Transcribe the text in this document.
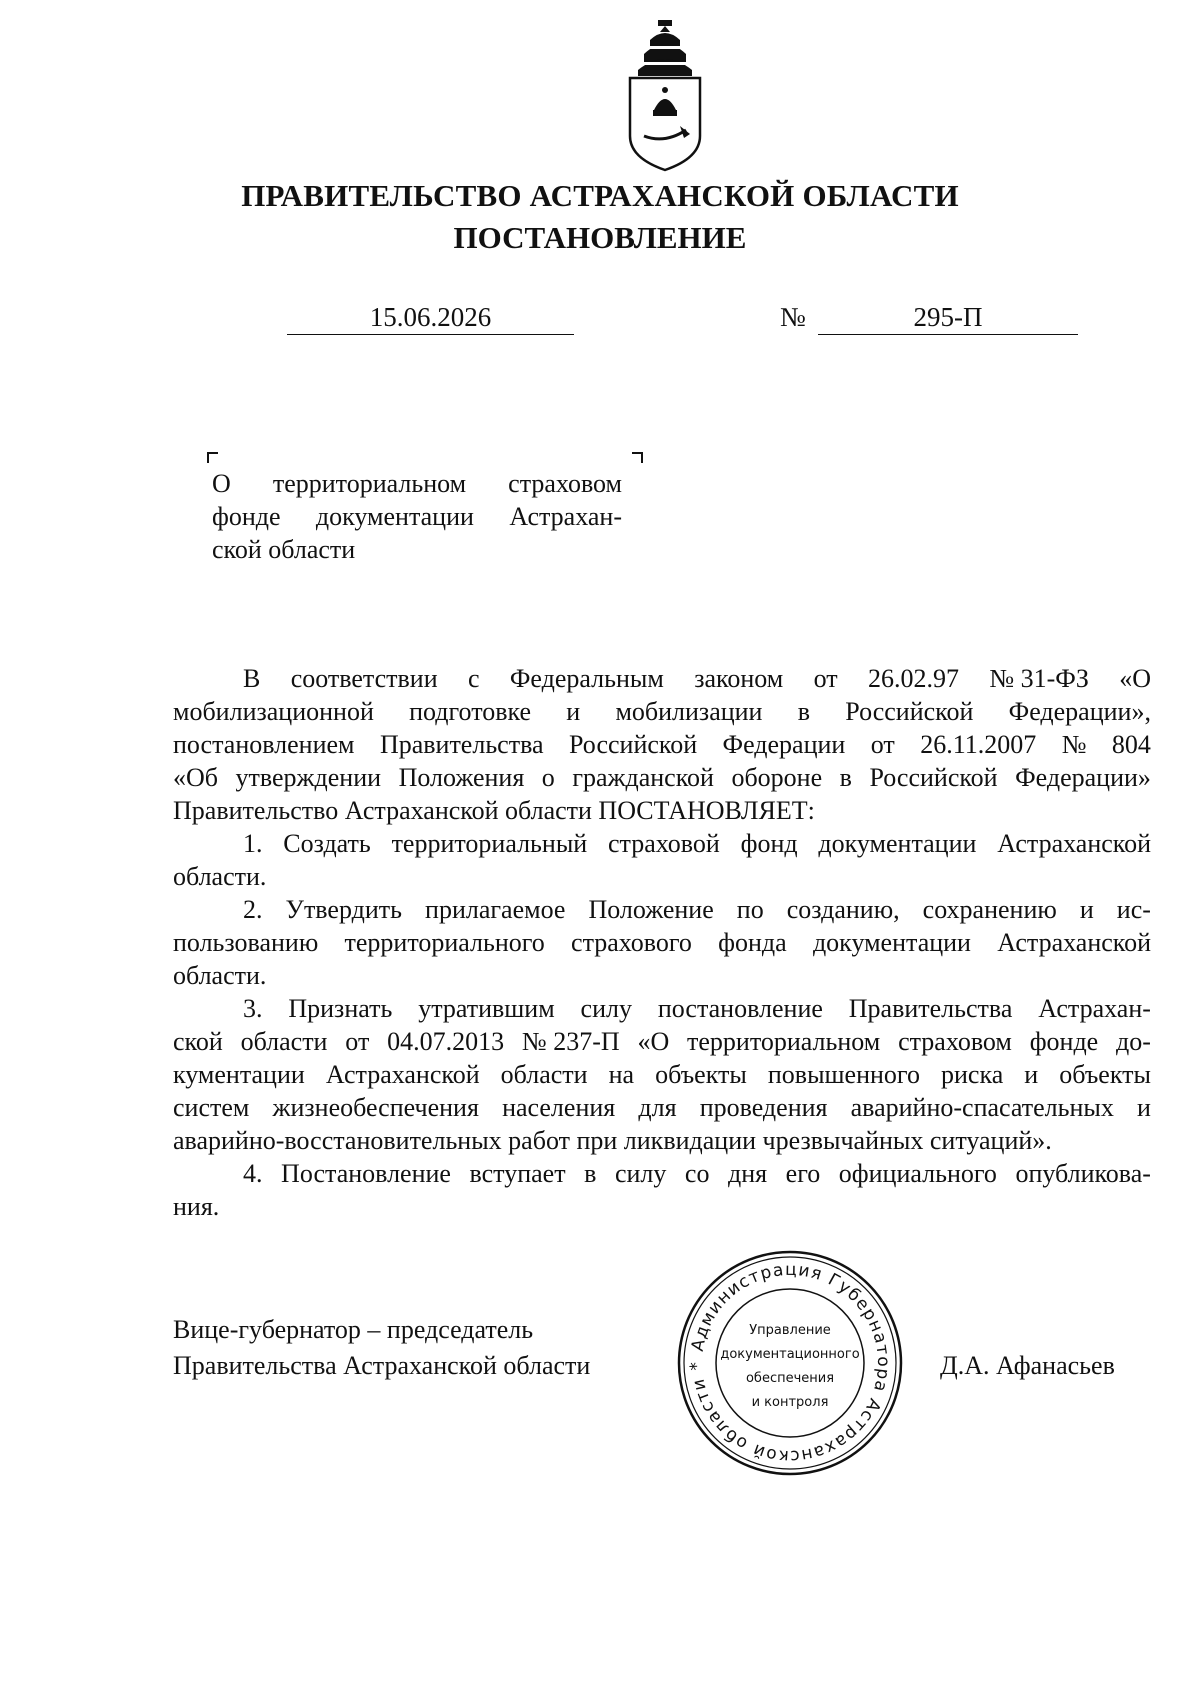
ПРАВИТЕЛЬСТВО АСТРАХАНСКОЙ ОБЛАСТИ
ПОСТАНОВЛЕНИЕ
15.06.2026	№	295-П
О территориальном страховом
фонде документации Астрахан-
ской области
В соответствии с Федеральным законом от 26.02.97 № 31-ФЗ «О
мобилизационной подготовке и мобилизации в Российской Федерации»,
постановлением Правительства Российской Федерации от 26.11.2007 № 804
«Об утверждении Положения о гражданской обороне в Российской Федерации»
Правительство Астраханской области ПОСТАНОВЛЯЕТ:
1. Создать территориальный страховой фонд документации Астраханской
области.
2. Утвердить прилагаемое Положение по созданию, сохранению и ис-
пользованию территориального страхового фонда документации Астраханской
области.
3. Признать утратившим силу постановление Правительства Астрахан-
ской области от 04.07.2013 № 237-П «О территориальном страховом фонде до-
кументации Астраханской области на объекты повышенного риска и объекты
систем жизнеобеспечения населения для проведения аварийно-спасательных и
аварийно-восстановительных работ при ликвидации чрезвычайных ситуаций».
4. Постановление вступает в силу со дня его официального опубликова-
ния.
Вице-губернатор – председатель
Правительства Астраханской области	Д.А. Афанасьев
Администрация Губернатора Астраханской области *
Управление
документационного
обеспечения
и контроля
